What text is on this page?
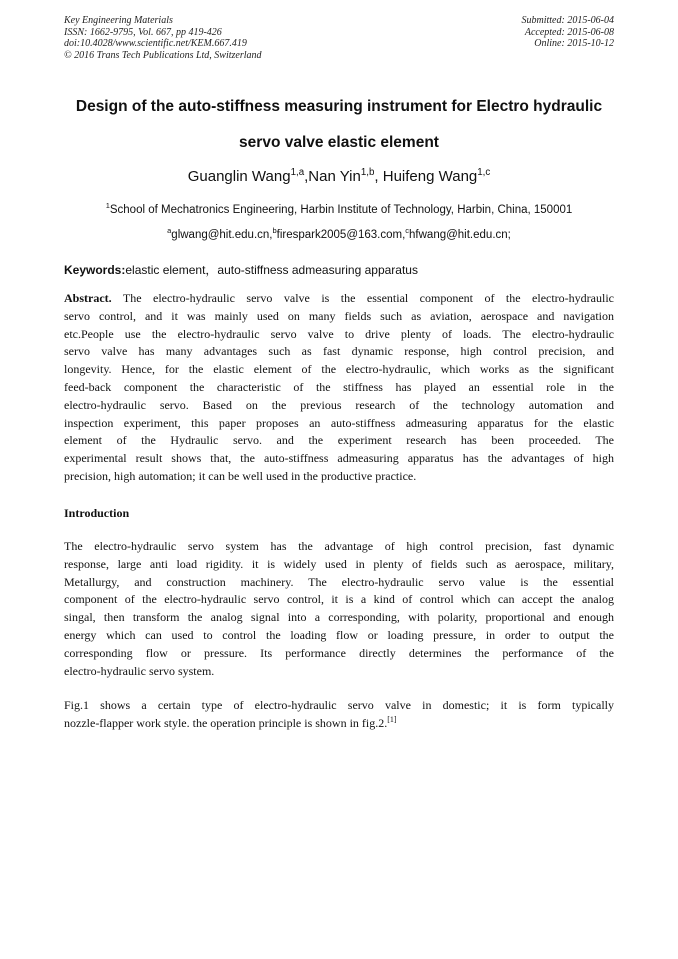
Key Engineering Materials
ISSN: 1662-9795, Vol. 667, pp 419-426
doi:10.4028/www.scientific.net/KEM.667.419
© 2016 Trans Tech Publications Ltd, Switzerland
Submitted: 2015-06-04
Accepted: 2015-06-08
Online: 2015-10-12
Design of the auto-stiffness measuring instrument for Electro hydraulic
servo valve elastic element
Guanglin Wang$^{1,a}$,Nan Yin$^{1,b}$, Huifeng Wang$^{1,c}$
$^1$School of Mechatronics Engineering, Harbin Institute of Technology, Harbin, China, 150001
$^a$glwang@hit.edu.cn,$^b$firespark2005@163.com,$^c$hfwang@hit.edu.cn;
Keywords:elastic element，auto-stiffness admeasuring apparatus
Abstract. The electro-hydraulic servo valve is the essential component of the electro-hydraulic
servo control, and it was mainly used on many fields such as aviation, aerospace and navigation
etc.People use the electro-hydraulic servo valve to drive plenty of loads. The electro-hydraulic
servo valve has many advantages such as fast dynamic response, high control precision, and
longevity. Hence, for the elastic element of the electro-hydraulic, which works as the significant
feed-back component the characteristic of the stiffness has played an essential role in the
electro-hydraulic servo. Based on the previous research of the technology automation and
inspection experiment, this paper proposes an auto-stiffness admeasuring apparatus for the elastic
element of the Hydraulic servo. and the experiment research has been proceeded. The
experimental result shows that, the auto-stiffness admeasuring apparatus has the advantages of high
precision, high automation; it can be well used in the productive practice.
Introduction
The electro-hydraulic servo system has the advantage of high control precision, fast dynamic
response, large anti load rigidity. it is widely used in plenty of fields such as aerospace, military,
Metallurgy, and construction machinery. The electro-hydraulic servo value is the essential
component of the electro-hydraulic servo control, it is a kind of control which can accept the analog
singal, then transform the analog signal into a corresponding, with polarity, proportional and enough
energy which can used to control the loading flow or loading pressure, in order to output the
corresponding flow or pressure. Its performance directly determines the performance of the
electro-hydraulic servo system.
Fig.1 shows a certain type of electro-hydraulic servo valve in domestic; it is form typically
nozzle-flapper work style. the operation principle is shown in fig.2.[1]
